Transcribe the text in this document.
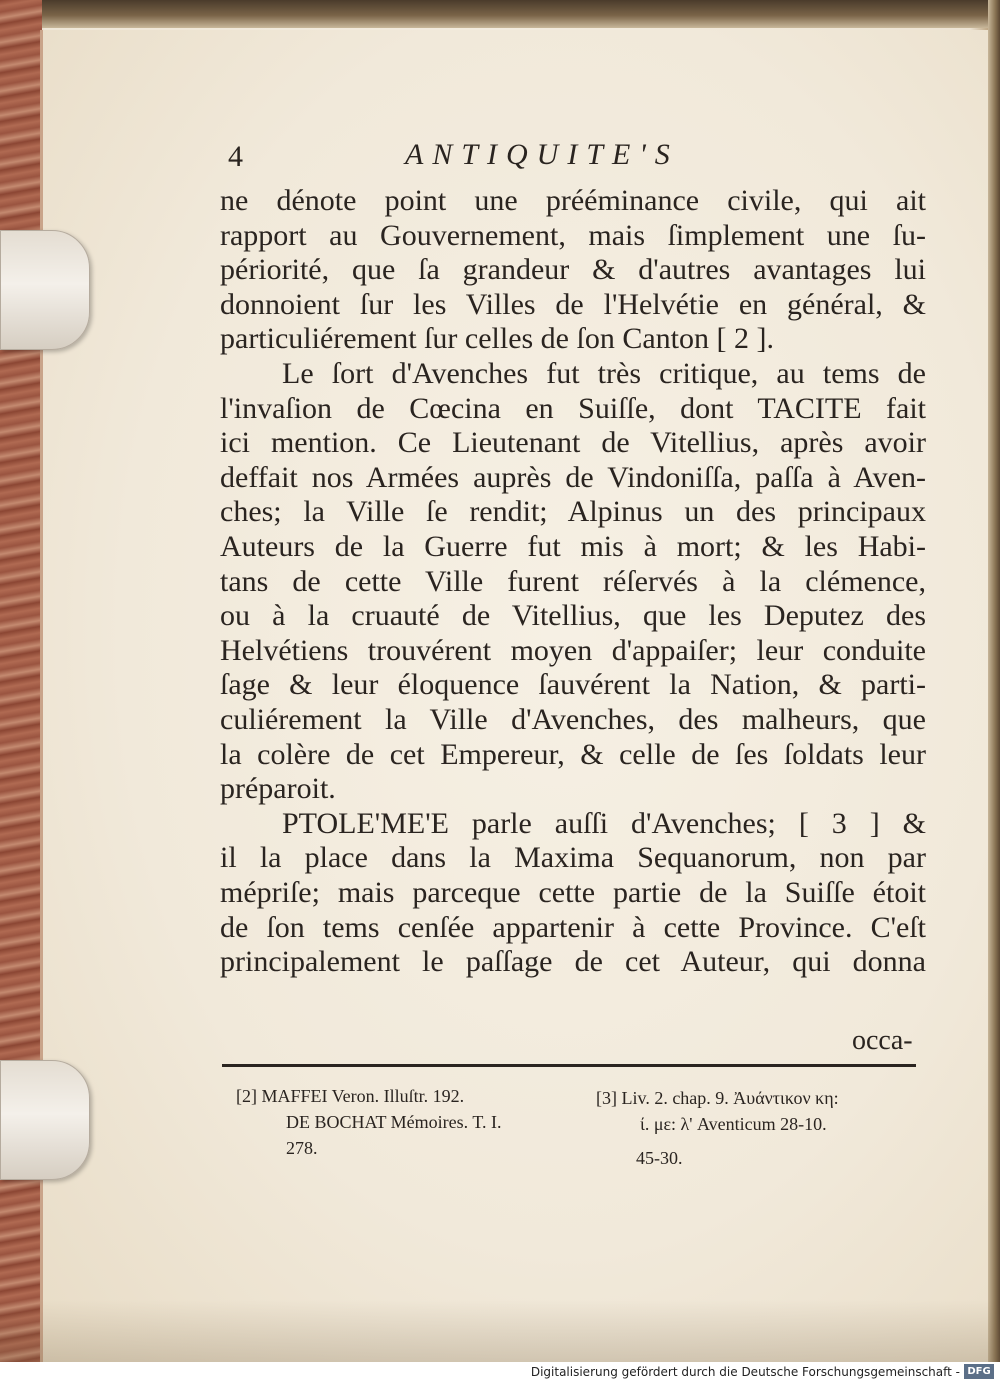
4	ANTIQUITE'S
ne dénote point une prééminance civile, qui ait
rapport au Gouvernement, mais ſimplement une ſu-
périorité, que ſa grandeur & d'autres avantages lui
donnoient ſur les Villes de l'Helvétie en général, &
particuliérement ſur celles de ſon Canton [ 2 ].
Le ſort d'Avenches fut très critique, au tems de
l'invaſion de Cœcina en Suiſſe, dont TACITE fait
ici mention. Ce Lieutenant de Vitellius, après avoir
deffait nos Armées auprès de Vindoniſſa, paſſa à Aven-
ches; la Ville ſe rendit; Alpinus un des principaux
Auteurs de la Guerre fut mis à mort; & les Habi-
tans de cette Ville furent réſervés à la clémence,
ou à la cruauté de Vitellius, que les Deputez des
Helvétiens trouvérent moyen d'appaiſer; leur conduite
ſage & leur éloquence ſauvérent la Nation, & parti-
culiérement la Ville d'Avenches, des malheurs, que
la colère de cet Empereur, & celle de ſes ſoldats leur
préparoit.
PTOLE'ME'E parle auſſi d'Avenches; [ 3 ] &
il la place dans la Maxima Sequanorum, non par
mépriſe; mais parceque cette partie de la Suiſſe étoit
de ſon tems cenſée appartenir à cette Province. C'eſt
principalement le paſſage de cet Auteur, qui donna
occa-
[2] MAFFEI Veron. Illuſtr. 192.
DE BOCHAT Mémoires. T. I.
278.
[3] Liv. 2. chap. 9. Ἀυάντικον κη:
ί. με: λ' Aventicum 28-10.
45-30.
Digitalisierung gefördert durch die Deutsche Forschungsgemeinschaft - DFG
